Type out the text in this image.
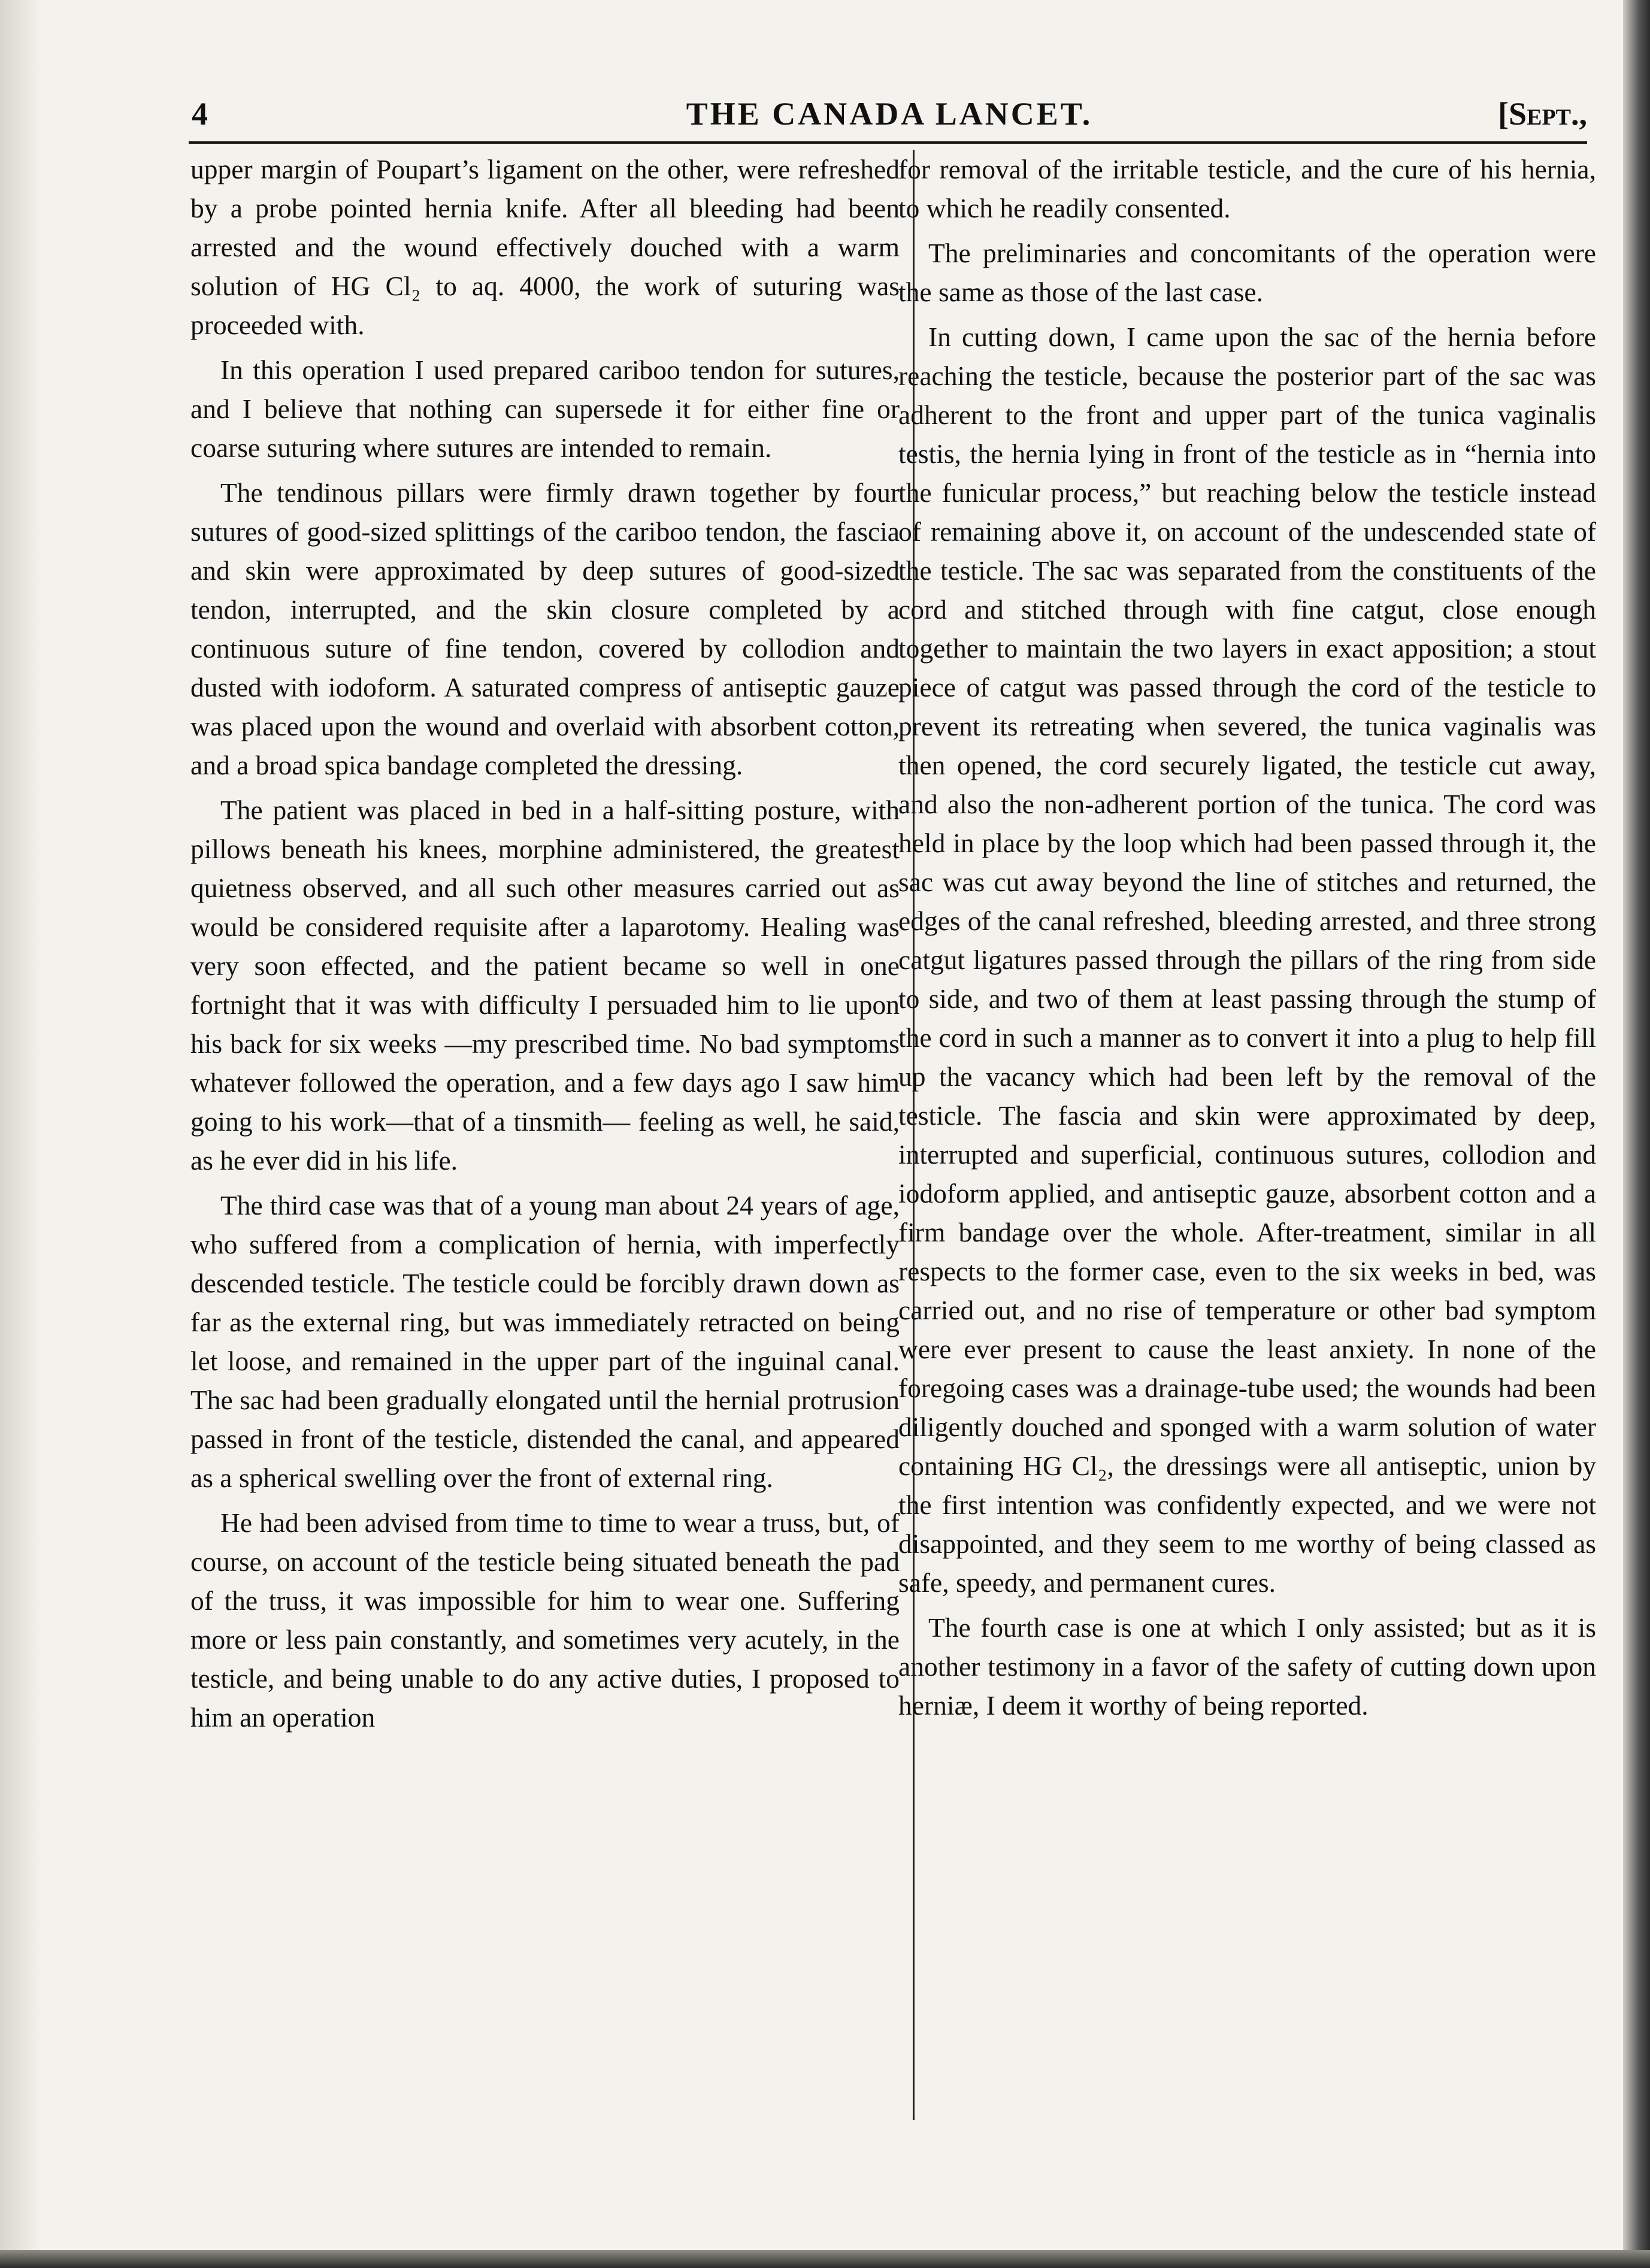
4	THE CANADA LANCET.	[Sept.,

upper margin of Poupart’s ligament on the other, were refreshed by a probe pointed hernia knife. After all bleeding had been arrested and the wound effectively douched with a warm solution of HG Cl₂ to aq. 4000, the work of suturing was proceeded with.

In this operation I used prepared cariboo tendon for sutures, and I believe that nothing can supersede it for either fine or coarse suturing where sutures are intended to remain.

The tendinous pillars were firmly drawn together by four sutures of good-sized splittings of the cariboo tendon, the fascia and skin were approximated by deep sutures of good-sized tendon, interrupted, and the skin closure completed by a continuous suture of fine tendon, covered by collodion and dusted with iodoform. A saturated compress of antiseptic gauze was placed upon the wound and overlaid with absorbent cotton, and a broad spica bandage completed the dressing.

The patient was placed in bed in a half-sitting posture, with pillows beneath his knees, morphine administered, the greatest quietness observed, and all such other measures carried out as would be considered requisite after a laparotomy. Healing was very soon effected, and the patient became so well in one fortnight that it was with difficulty I persuaded him to lie upon his back for six weeks —my prescribed time. No bad symptoms whatever followed the operation, and a few days ago I saw him going to his work—that of a tinsmith— feeling as well, he said, as he ever did in his life.

The third case was that of a young man about 24 years of age, who suffered from a complication of hernia, with imperfectly descended testicle. The testicle could be forcibly drawn down as far as the external ring, but was immediately retracted on being let loose, and remained in the upper part of the inguinal canal. The sac had been gradually elongated until the hernial protrusion passed in front of the testicle, distended the canal, and appeared as a spherical swelling over the front of external ring.

He had been advised from time to time to wear a truss, but, of course, on account of the testicle being situated beneath the pad of the truss, it was impossible for him to wear one. Suffering more or less pain constantly, and sometimes very acutely, in the testicle, and being unable to do any active duties, I proposed to him an operation

for removal of the irritable testicle, and the cure of his hernia, to which he readily consented.

The preliminaries and concomitants of the operation were the same as those of the last case.

In cutting down, I came upon the sac of the hernia before reaching the testicle, because the posterior part of the sac was adherent to the front and upper part of the tunica vaginalis testis, the hernia lying in front of the testicle as in “hernia into the funicular process,” but reaching below the testicle instead of remaining above it, on account of the undescended state of the testicle. The sac was separated from the constituents of the cord and stitched through with fine catgut, close enough together to maintain the two layers in exact apposition; a stout piece of catgut was passed through the cord of the testicle to prevent its retreating when severed, the tunica vaginalis was then opened, the cord securely ligated, the testicle cut away, and also the non-adherent portion of the tunica. The cord was held in place by the loop which had been passed through it, the sac was cut away beyond the line of stitches and returned, the edges of the canal refreshed, bleeding arrested, and three strong catgut ligatures passed through the pillars of the ring from side to side, and two of them at least passing through the stump of the cord in such a manner as to convert it into a plug to help fill up the vacancy which had been left by the removal of the testicle. The fascia and skin were approximated by deep, interrupted and superficial, continuous sutures, collodion and iodoform applied, and antiseptic gauze, absorbent cotton and a firm bandage over the whole. After-treatment, similar in all respects to the former case, even to the six weeks in bed, was carried out, and no rise of temperature or other bad symptom were ever present to cause the least anxiety. In none of the foregoing cases was a drainage-tube used; the wounds had been diligently douched and sponged with a warm solution of water containing HG Cl₂, the dressings were all antiseptic, union by the first intention was confidently expected, and we were not disappointed, and they seem to me worthy of being classed as safe, speedy, and permanent cures.

The fourth case is one at which I only assisted; but as it is another testimony in a favor of the safety of cutting down upon herniæ, I deem it worthy of being reported.
